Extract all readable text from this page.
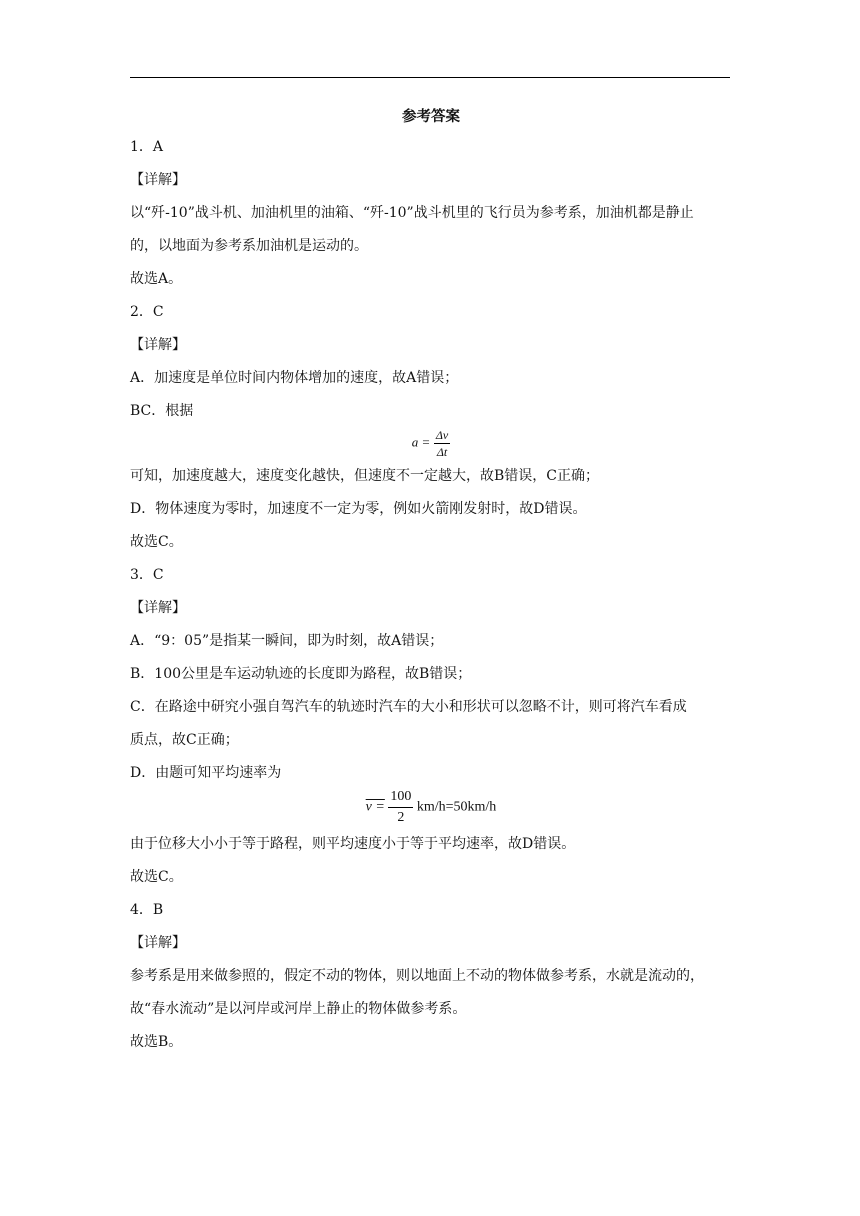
参考答案
1．A
【详解】
以“歼-10”战斗机、加油机里的油箱、“歼-10”战斗机里的飞行员为参考系，加油机都是静止
的，以地面为参考系加油机是运动的。
故选A。
2．C
【详解】
A．加速度是单位时间内物体增加的速度，故A错误；
BC．根据
$a = \frac{\Delta v}{\Delta t}$
可知，加速度越大，速度变化越快，但速度不一定越大，故B错误，C正确；
D．物体速度为零时，加速度不一定为零，例如火箭刚发射时，故D错误。
故选C。
3．C
【详解】
A．“9：05”是指某一瞬间，即为时刻，故A错误；
B．100公里是车运动轨迹的长度即为路程，故B错误；
C．在路途中研究小强自驾汽车的轨迹时汽车的大小和形状可以忽略不计，则可将汽车看成
质点，故C正确；
D．由题可知平均速率为
$v = \frac{100}{2} km/h=50km/h$
由于位移大小小于等于路程，则平均速度小于等于平均速率，故D错误。
故选C。
4．B
【详解】
参考系是用来做参照的，假定不动的物体，则以地面上不动的物体做参考系，水就是流动的，
故“春水流动”是以河岸或河岸上静止的物体做参考系。
故选B。
